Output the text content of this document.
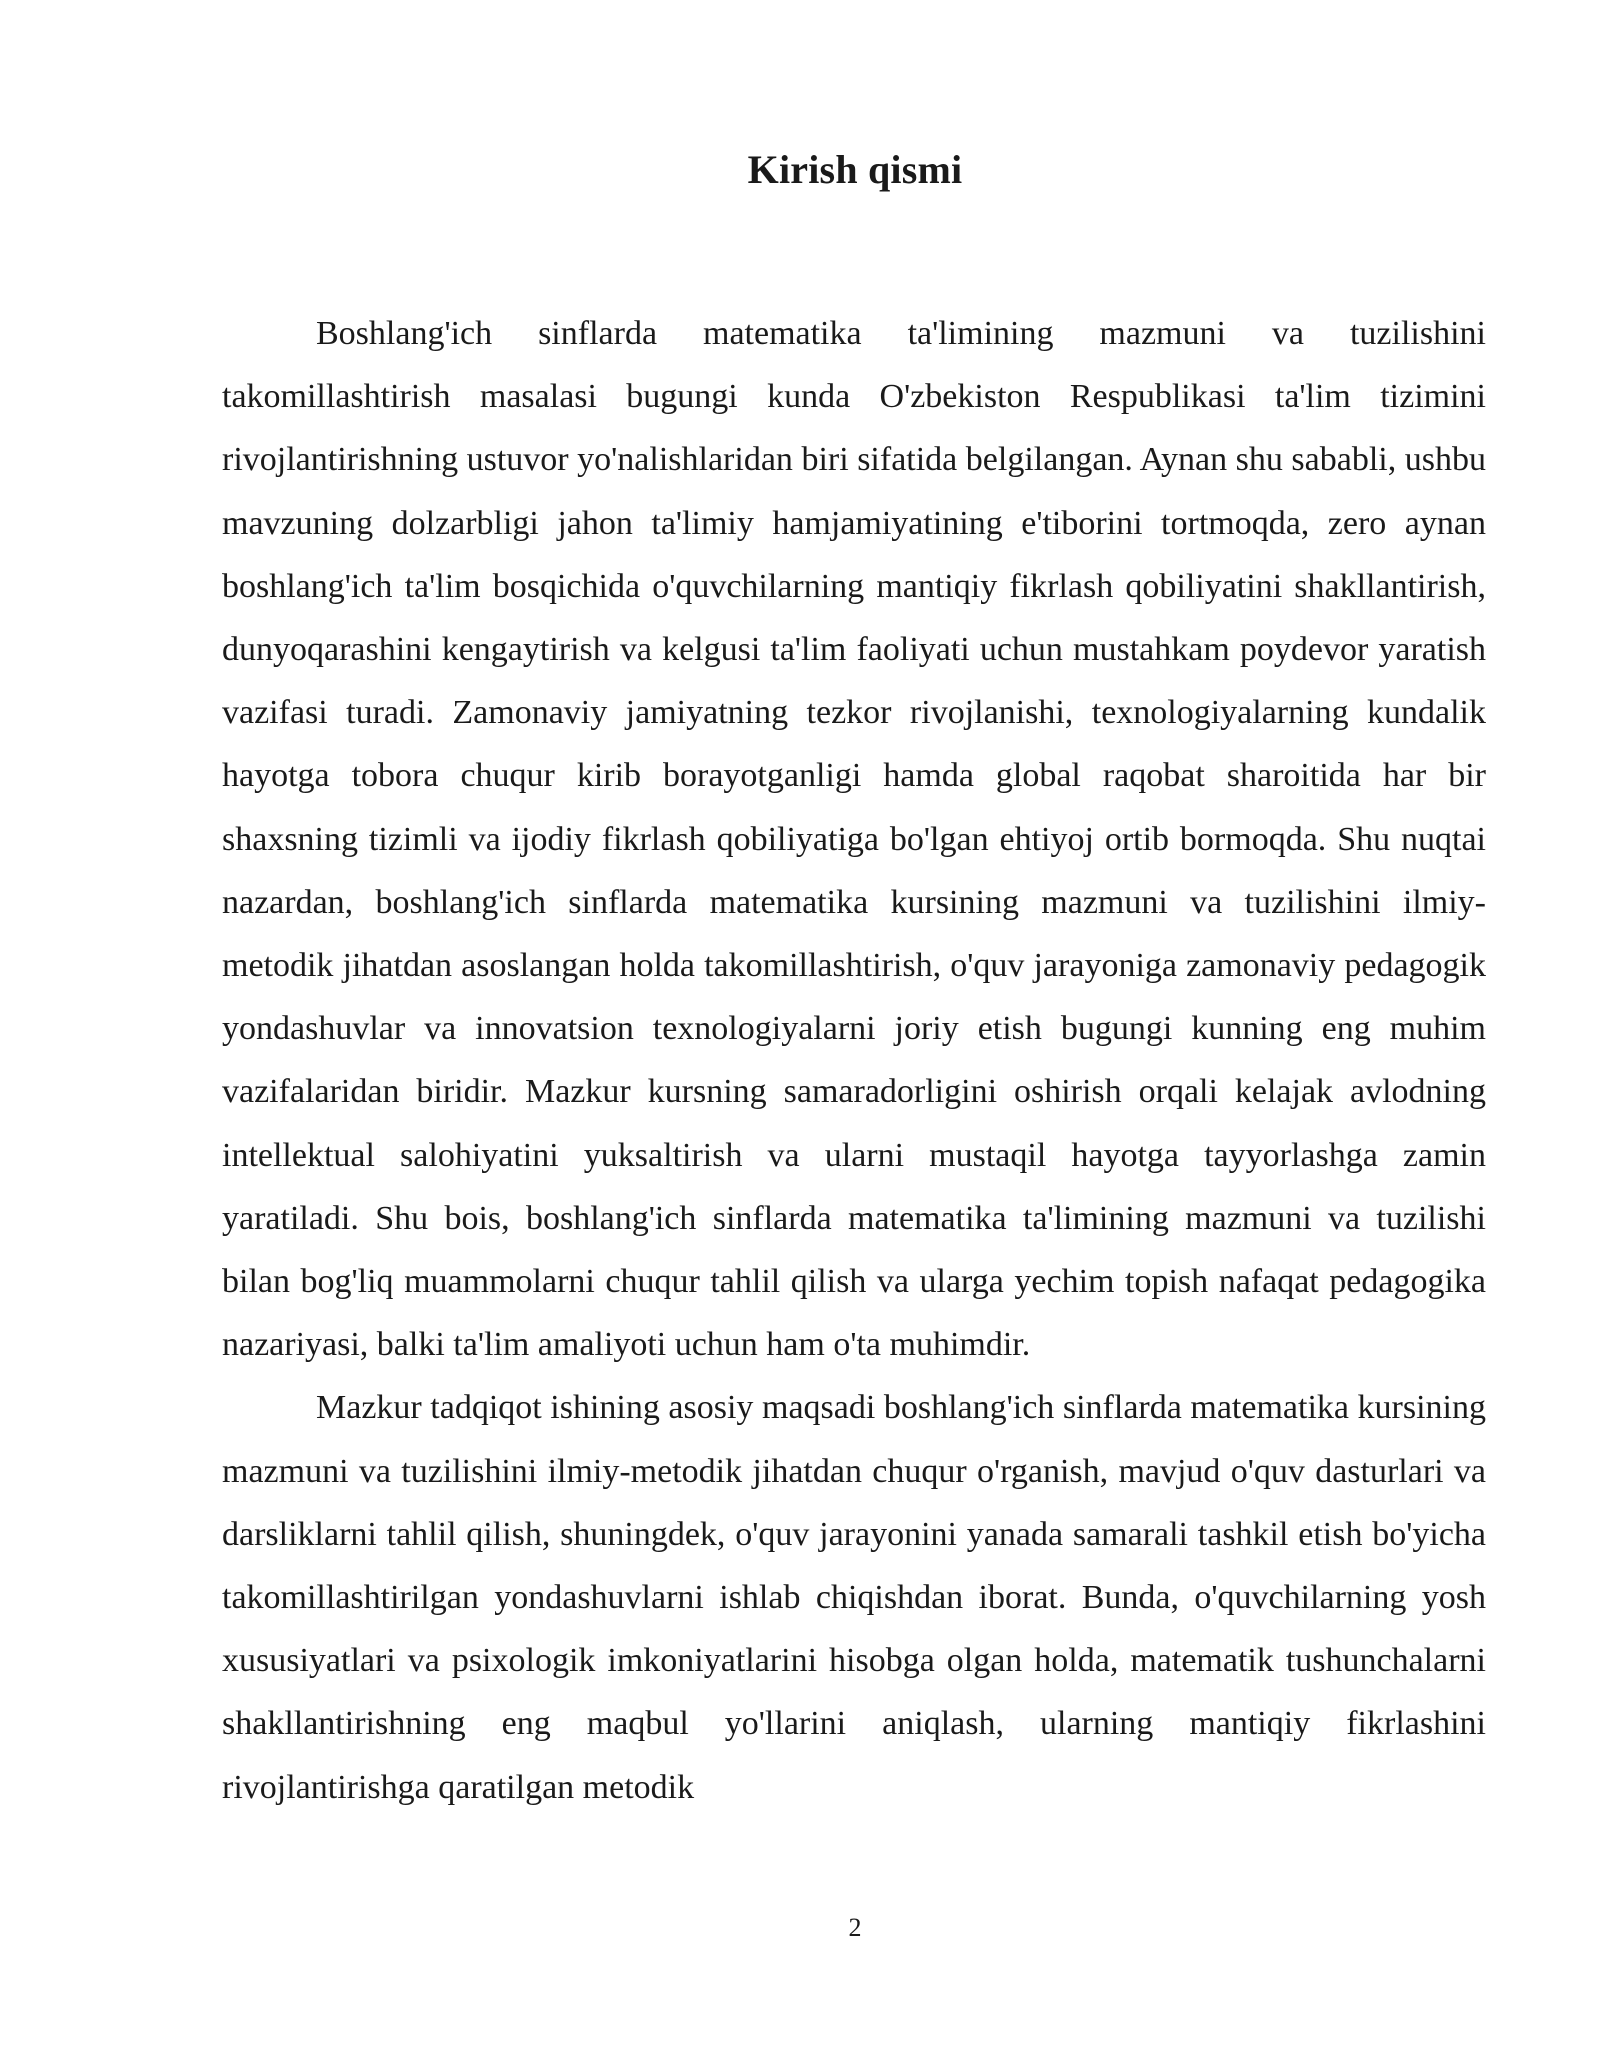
Kirish qismi

Boshlang'ich sinflarda matematika ta'limining mazmuni va tuzilishini takomillashtirish masalasi bugungi kunda O'zbekiston Respublikasi ta'lim tizimini rivojlantirishning ustuvor yo'nalishlaridan biri sifatida belgilangan. Aynan shu sababli, ushbu mavzuning dolzarbligi jahon ta'limiy hamjamiyatining e'tiborini tortmoqda, zero aynan boshlang'ich ta'lim bosqichida o'quvchilarning mantiqiy fikrlash qobiliyatini shakllantirish, dunyoqarashini kengaytirish va kelgusi ta'lim faoliyati uchun mustahkam poydevor yaratish vazifasi turadi. Zamonaviy jamiyatning tezkor rivojlanishi, texnologiyalarning kundalik hayotga tobora chuqur kirib borayotganligi hamda global raqobat sharoitida har bir shaxsning tizimli va ijodiy fikrlash qobiliyatiga bo'lgan ehtiyoj ortib bormoqda. Shu nuqtai nazardan, boshlang'ich sinflarda matematika kursining mazmuni va tuzilishini ilmiy-metodik jihatdan asoslangan holda takomillashtirish, o'quv jarayoniga zamonaviy pedagogik yondashuvlar va innovatsion texnologiyalarni joriy etish bugungi kunning eng muhim vazifalaridan biridir. Mazkur kursning samaradorligini oshirish orqali kelajak avlodning intellektual salohiyatini yuksaltirish va ularni mustaqil hayotga tayyorlashga zamin yaratiladi. Shu bois, boshlang'ich sinflarda matematika ta'limining mazmuni va tuzilishi bilan bog'liq muammolarni chuqur tahlil qilish va ularga yechim topish nafaqat pedagogika nazariyasi, balki ta'lim amaliyoti uchun ham o'ta muhimdir.

Mazkur tadqiqot ishining asosiy maqsadi boshlang'ich sinflarda matematika kursining mazmuni va tuzilishini ilmiy-metodik jihatdan chuqur o'rganish, mavjud o'quv dasturlari va darsliklarni tahlil qilish, shuningdek, o'quv jarayonini yanada samarali tashkil etish bo'yicha takomillashtirilgan yondashuvlarni ishlab chiqishdan iborat. Bunda, o'quvchilarning yosh xususiyatlari va psixologik imkoniyatlarini hisobga olgan holda, matematik tushunchalarni shakllantirishning eng maqbul yo'llarini aniqlash, ularning mantiqiy fikrlashini rivojlantirishga qaratilgan metodik

2
